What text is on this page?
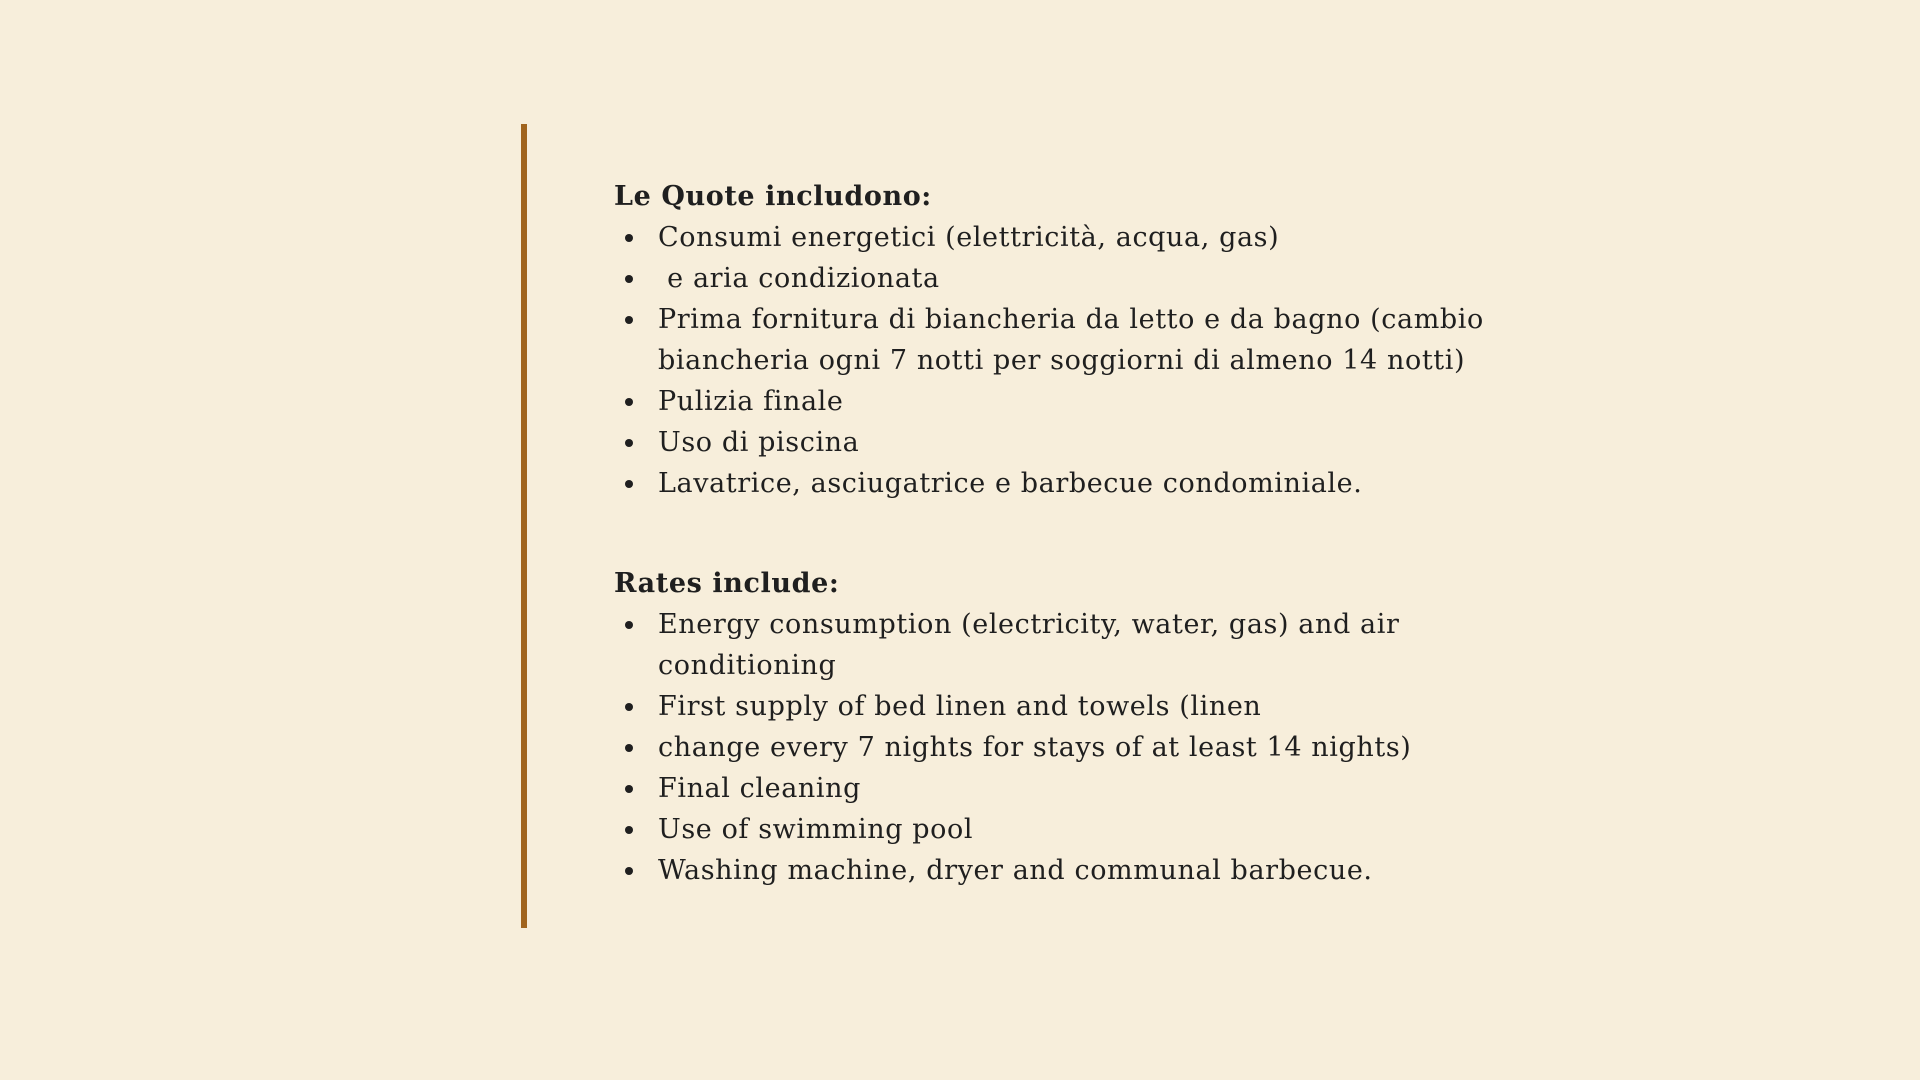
Le Quote includono:
Consumi energetici (elettricità, acqua, gas)
e aria condizionata
Prima fornitura di biancheria da letto e da bagno (cambio biancheria ogni 7 notti per soggiorni di almeno 14 notti)
Pulizia finale
Uso di piscina
Lavatrice, asciugatrice e barbecue condominiale.
Rates include:
Energy consumption (electricity, water, gas) and air conditioning
First supply of bed linen and towels (linen
change every 7 nights for stays of at least 14 nights)
Final cleaning
Use of swimming pool
Washing machine, dryer and communal barbecue.
